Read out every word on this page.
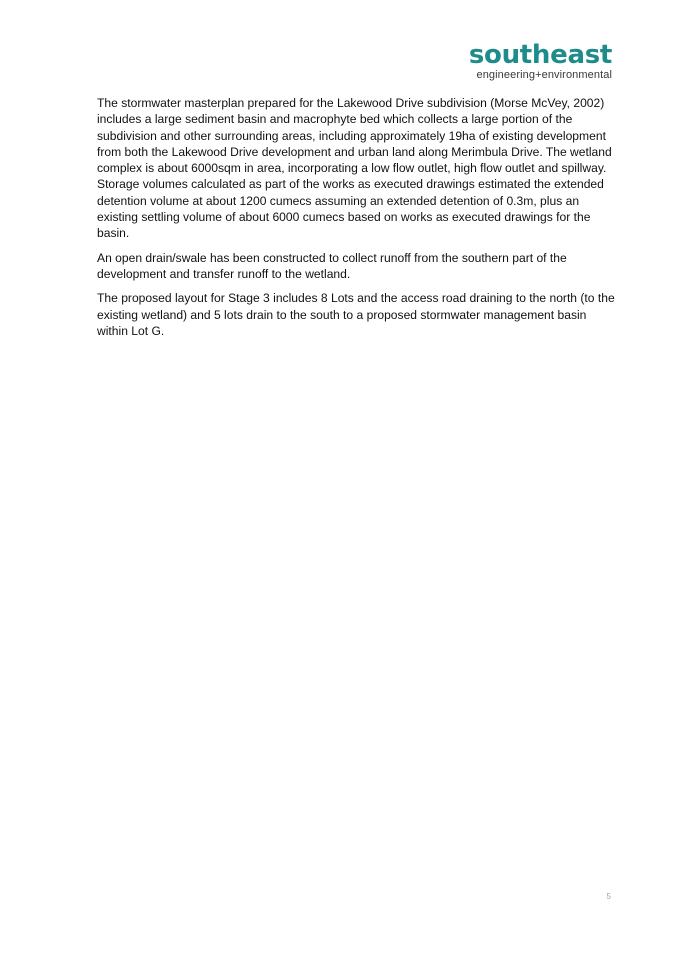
southeast
engineering+environmental

The stormwater masterplan prepared for the Lakewood Drive subdivision (Morse McVey, 2002) includes a large sediment basin and macrophyte bed which collects a large portion of the subdivision and other surrounding areas, including approximately 19ha of existing development from both the Lakewood Drive development and urban land along Merimbula Drive. The wetland complex is about 6000sqm in area, incorporating a low flow outlet, high flow outlet and spillway. Storage volumes calculated as part of the works as executed drawings estimated the extended detention volume at about 1200 cumecs assuming an extended detention of 0.3m, plus an existing settling volume of about 6000 cumecs based on works as executed drawings for the basin.

An open drain/swale has been constructed to collect runoff from the southern part of the development and transfer runoff to the wetland.

The proposed layout for Stage 3 includes 8 Lots and the access road draining to the north (to the existing wetland) and 5 lots drain to the south to a proposed stormwater management basin within Lot G.

5
